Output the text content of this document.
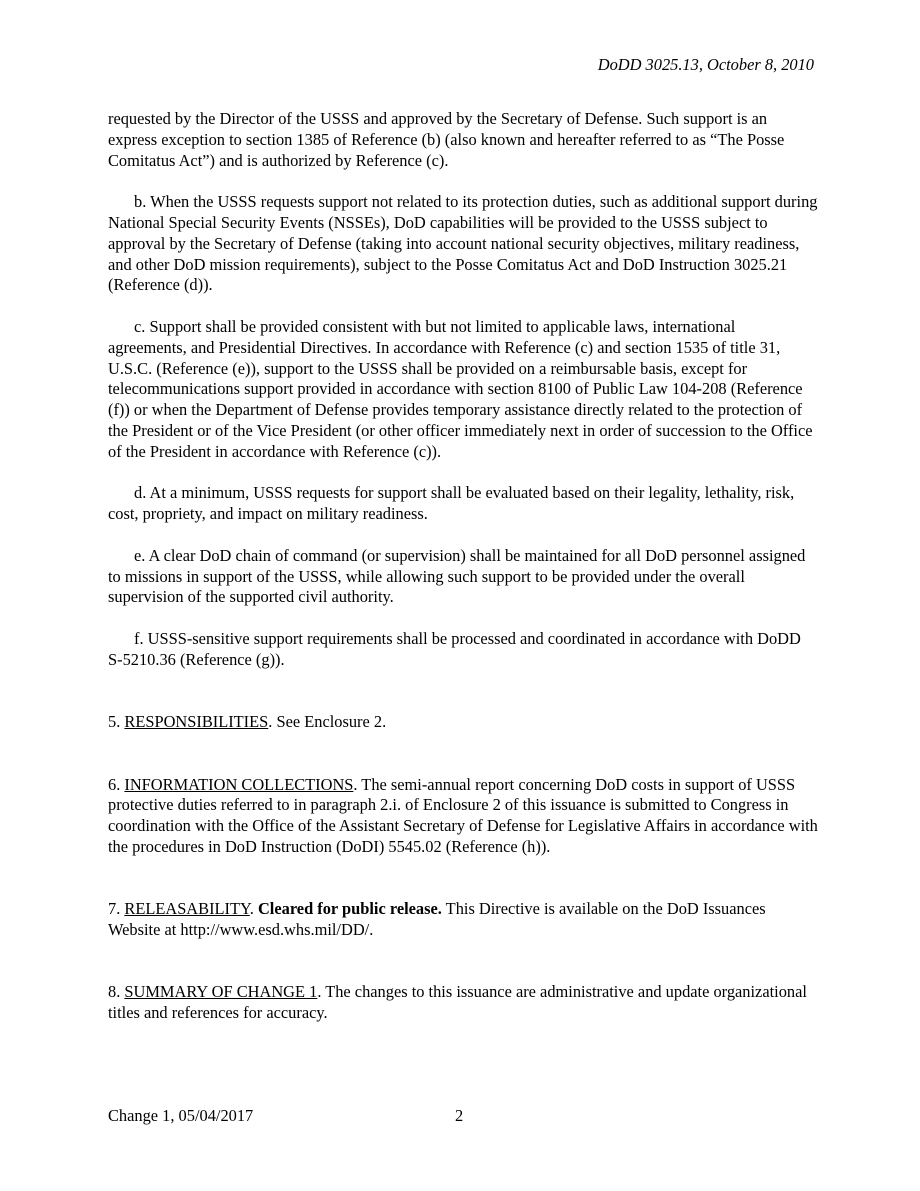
DoDD 3025.13, October 8, 2010

requested by the Director of the USSS and approved by the Secretary of Defense. Such support is an express exception to section 1385 of Reference (b) (also known and hereafter referred to as “The Posse Comitatus Act”) and is authorized by Reference (c).

b. When the USSS requests support not related to its protection duties, such as additional support during National Special Security Events (NSSEs), DoD capabilities will be provided to the USSS subject to approval by the Secretary of Defense (taking into account national security objectives, military readiness, and other DoD mission requirements), subject to the Posse Comitatus Act and DoD Instruction 3025.21 (Reference (d)).

c. Support shall be provided consistent with but not limited to applicable laws, international agreements, and Presidential Directives. In accordance with Reference (c) and section 1535 of title 31, U.S.C. (Reference (e)), support to the USSS shall be provided on a reimbursable basis, except for telecommunications support provided in accordance with section 8100 of Public Law 104-208 (Reference (f)) or when the Department of Defense provides temporary assistance directly related to the protection of the President or of the Vice President (or other officer immediately next in order of succession to the Office of the President in accordance with Reference (c)).

d. At a minimum, USSS requests for support shall be evaluated based on their legality, lethality, risk, cost, propriety, and impact on military readiness.

e. A clear DoD chain of command (or supervision) shall be maintained for all DoD personnel assigned to missions in support of the USSS, while allowing such support to be provided under the overall supervision of the supported civil authority.

f. USSS-sensitive support requirements shall be processed and coordinated in accordance with DoDD S-5210.36 (Reference (g)).

5. RESPONSIBILITIES. See Enclosure 2.

6. INFORMATION COLLECTIONS. The semi-annual report concerning DoD costs in support of USSS protective duties referred to in paragraph 2.i. of Enclosure 2 of this issuance is submitted to Congress in coordination with the Office of the Assistant Secretary of Defense for Legislative Affairs in accordance with the procedures in DoD Instruction (DoDI) 5545.02 (Reference (h)).

7. RELEASABILITY. Cleared for public release. This Directive is available on the DoD Issuances Website at http://www.esd.whs.mil/DD/.

8. SUMMARY OF CHANGE 1. The changes to this issuance are administrative and update organizational titles and references for accuracy.

Change 1, 05/04/2017	2
